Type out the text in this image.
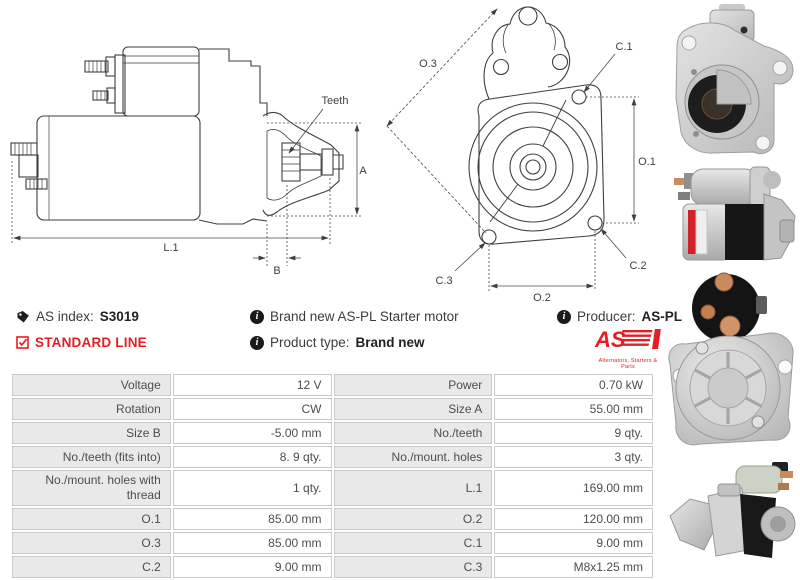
Teeth
A
L.1
B
O.3
C.1
O.1
C.3
C.2
O.2
AS index: S3019
STANDARD LINE
i Brand new AS-PL Starter motor
i Product type: Brand new
i Producer: AS-PL
AS
Alternators, Starters & Parts
Voltage	12 V	Power	0.70 kW
Rotation	CW	Size A	55.00 mm
Size B	-5.00 mm	No./teeth	9 qty.
No./teeth (fits into)	8. 9 qty.	No./mount. holes	3 qty.
No./mount. holes with thread	1 qty.	L.1	169.00 mm
O.1	85.00 mm	O.2	120.00 mm
O.3	85.00 mm	C.1	9.00 mm
C.2	9.00 mm	C.3	M8x1.25 mm
